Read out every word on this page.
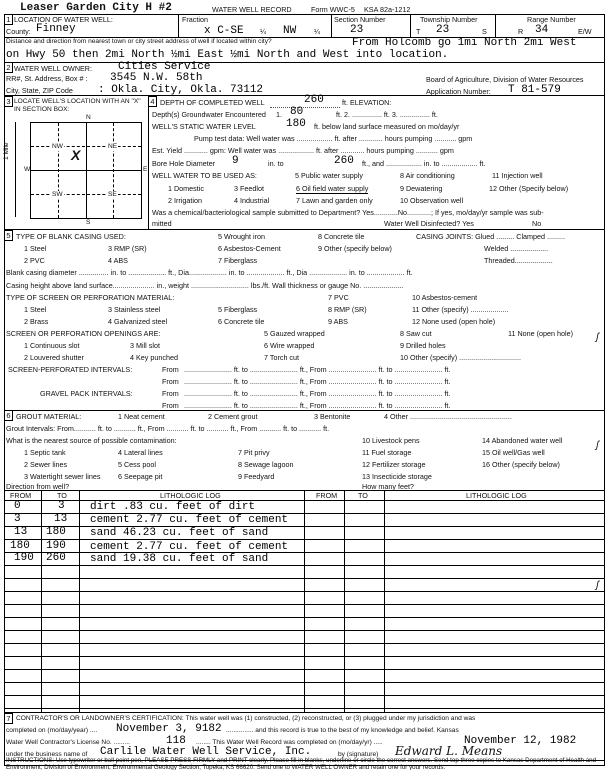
Leaser Garden City H #2	WATER WELL RECORD	Form WWC-5 KSA 82a-1212
1 LOCATION OF WATER WELL:	Fraction	Section Number	Township Number	Range Number
County: Finney	x C-SE ¼ NW ¼	23	T 23	S	R 34	E/W
Distance and direction from nearest town or city street address of well if located within city?	From Holcomb go 1mi North 2mi West
on Hwy 50 then 2mi North ½mi East ½mi North and West into location.
2 WATER WELL OWNER: Cities Service
RR#, St. Address, Box # : 3545 N.W. 58th	Board of Agriculture, Division of Water Resources
City, State, ZIP Code : Okla. City, Okla. 73112	Application Number: T 81-579
3 LOCATE WELL'S LOCATION WITH AN "X" IN SECTION BOX:
4
N
S
W	E
1 Mile	NW	NE
SW	SE
X
DEPTH OF COMPLETED WELL	260	ft. ELEVATION:
Depth(s) Groundwater Encountered 1. 80	ft. 2. ............... ft. 3. ............... ft.
WELL'S STATIC WATER LEVEL	180 ft. below land surface measured on mo/day/yr
Pump test data: Well water was .................. ft. after ............ hours pumping ........... gpm
Est. Yield ............ gpm: Well water was .................. ft. after ............ hours pumping ........... gpm
Bore Hole Diameter 9	in. to	260 ft., and .................. in. to .................. ft.
WELL WATER TO BE USED AS:	5 Public water supply	8 Air conditioning	11 Injection well
1 Domestic	3 Feedlot	6 Oil field water supply	9 Dewatering	12 Other (Specify below)
2 Irrigation	4 Industrial	7 Lawn and garden only	10 Observation well
Was a chemical/bacteriological sample submitted to Department? Yes............No............; If yes, mo/day/yr sample was sub-
mitted	Water Well Disinfected? Yes	No
5 TYPE OF BLANK CASING USED:	5 Wrought iron	8 Concrete tile	CASING JOINTS: Glued ......... Clamped .........
1 Steel	3 RMP (SR)	6 Asbestos-Cement	9 Other (specify below)	Welded ...................
2 PVC	4 ABS	7 Fiberglass	Threaded...................
Blank casing diameter ............... in. to ................... ft., Dia................... in. to ................... ft., Dia ................... in. to ................... ft.
Casing height above land surface..................... in., weight ............................. lbs./ft. Wall thickness or gauge No. ....................
TYPE OF SCREEN OR PERFORATION MATERIAL:	7 PVC	10 Asbestos-cement
1 Steel	3 Stainless steel	5 Fiberglass	8 RMP (SR)	11 Other (specify) ...................
2 Brass	4 Galvanized steel	6 Concrete tile	9 ABS	12 None used (open hole)
SCREEN OR PERFORATION OPENINGS ARE:	5 Gauzed wrapped	8 Saw cut	11 None (open hole)
1 Continuous slot	3 Mill slot	6 Wire wrapped	9 Drilled holes
2 Louvered shutter	4 Key punched	7 Torch cut	10 Other (specify) ...............................
SCREEN-PERFORATED INTERVALS:	From ........................ ft. to ........................ ft., From ........................ ft. to ........................ ft.
From ........................ ft. to ........................ ft., From ........................ ft. to ........................ ft.
GRAVEL PACK INTERVALS:	From ........................ ft. to ........................ ft., From ........................ ft. to ........................ ft.
From ........................ ft. to ........................ ft., From ........................ ft. to ........................ ft.
6 GROUT MATERIAL:	1 Neat cement	2 Cement grout	3 Bentonite	4 Other ...................................................
Grout Intervals: From........... ft. to ........... ft., From ........... ft. to ........... ft., From ........... ft. to ........... ft.
What is the nearest source of possible contamination:	10 Livestock pens	14 Abandoned water well
1 Septic tank	4 Lateral lines	7 Pit privy	11 Fuel storage	15 Oil well/Gas well
2 Sewer lines	5 Cess pool	8 Sewage lagoon	12 Fertilizer storage	16 Other (specify below)
3 Watertight sewer lines 6 Seepage pit	9 Feedyard	13 Insecticide storage
Direction from well?	How many feet?
FROM	TO	LITHOLOGIC LOG	FROM	TO	LITHOLOGIC LOG
0	3 dirt .83 cu. feet of dirt
3	13 cement 2.77 cu. feet of cement
13 180 sand 46.23 cu. feet of sand
180 190 cement 2.77 cu. feet of cement
190 260 sand 19.38 cu. feet of sand
7 CONTRACTOR'S OR LANDOWNER'S CERTIFICATION: This water well was (1) constructed, (2) reconstructed, or (3) plugged under my jurisdiction and was
completed on (mo/day/year) .... November 3, 9182 ............... and this record is true to the best of my knowledge and belief. Kansas
Water Well Contractor's License No. .........	118 ........ This Water Well Record was completed on (mo/day/yr) .....	November 12, 1982
under the business name of Carlile Water Well Service, Inc.	by (signature) Edward L. Means
INSTRUCTIONS: Use typewriter or ball point pen, PLEASE PRESS FIRMLY and PRINT clearly. Please fill in blanks, underline or circle the correct answers. Send top three copies to Kansas Department of Health and Environment, Division of Environment, Environmental Geology Section, Topeka, KS 66620. Send one to WATER WELL OWNER and retain one for your records.
ʃ
ʃ
ʃ
